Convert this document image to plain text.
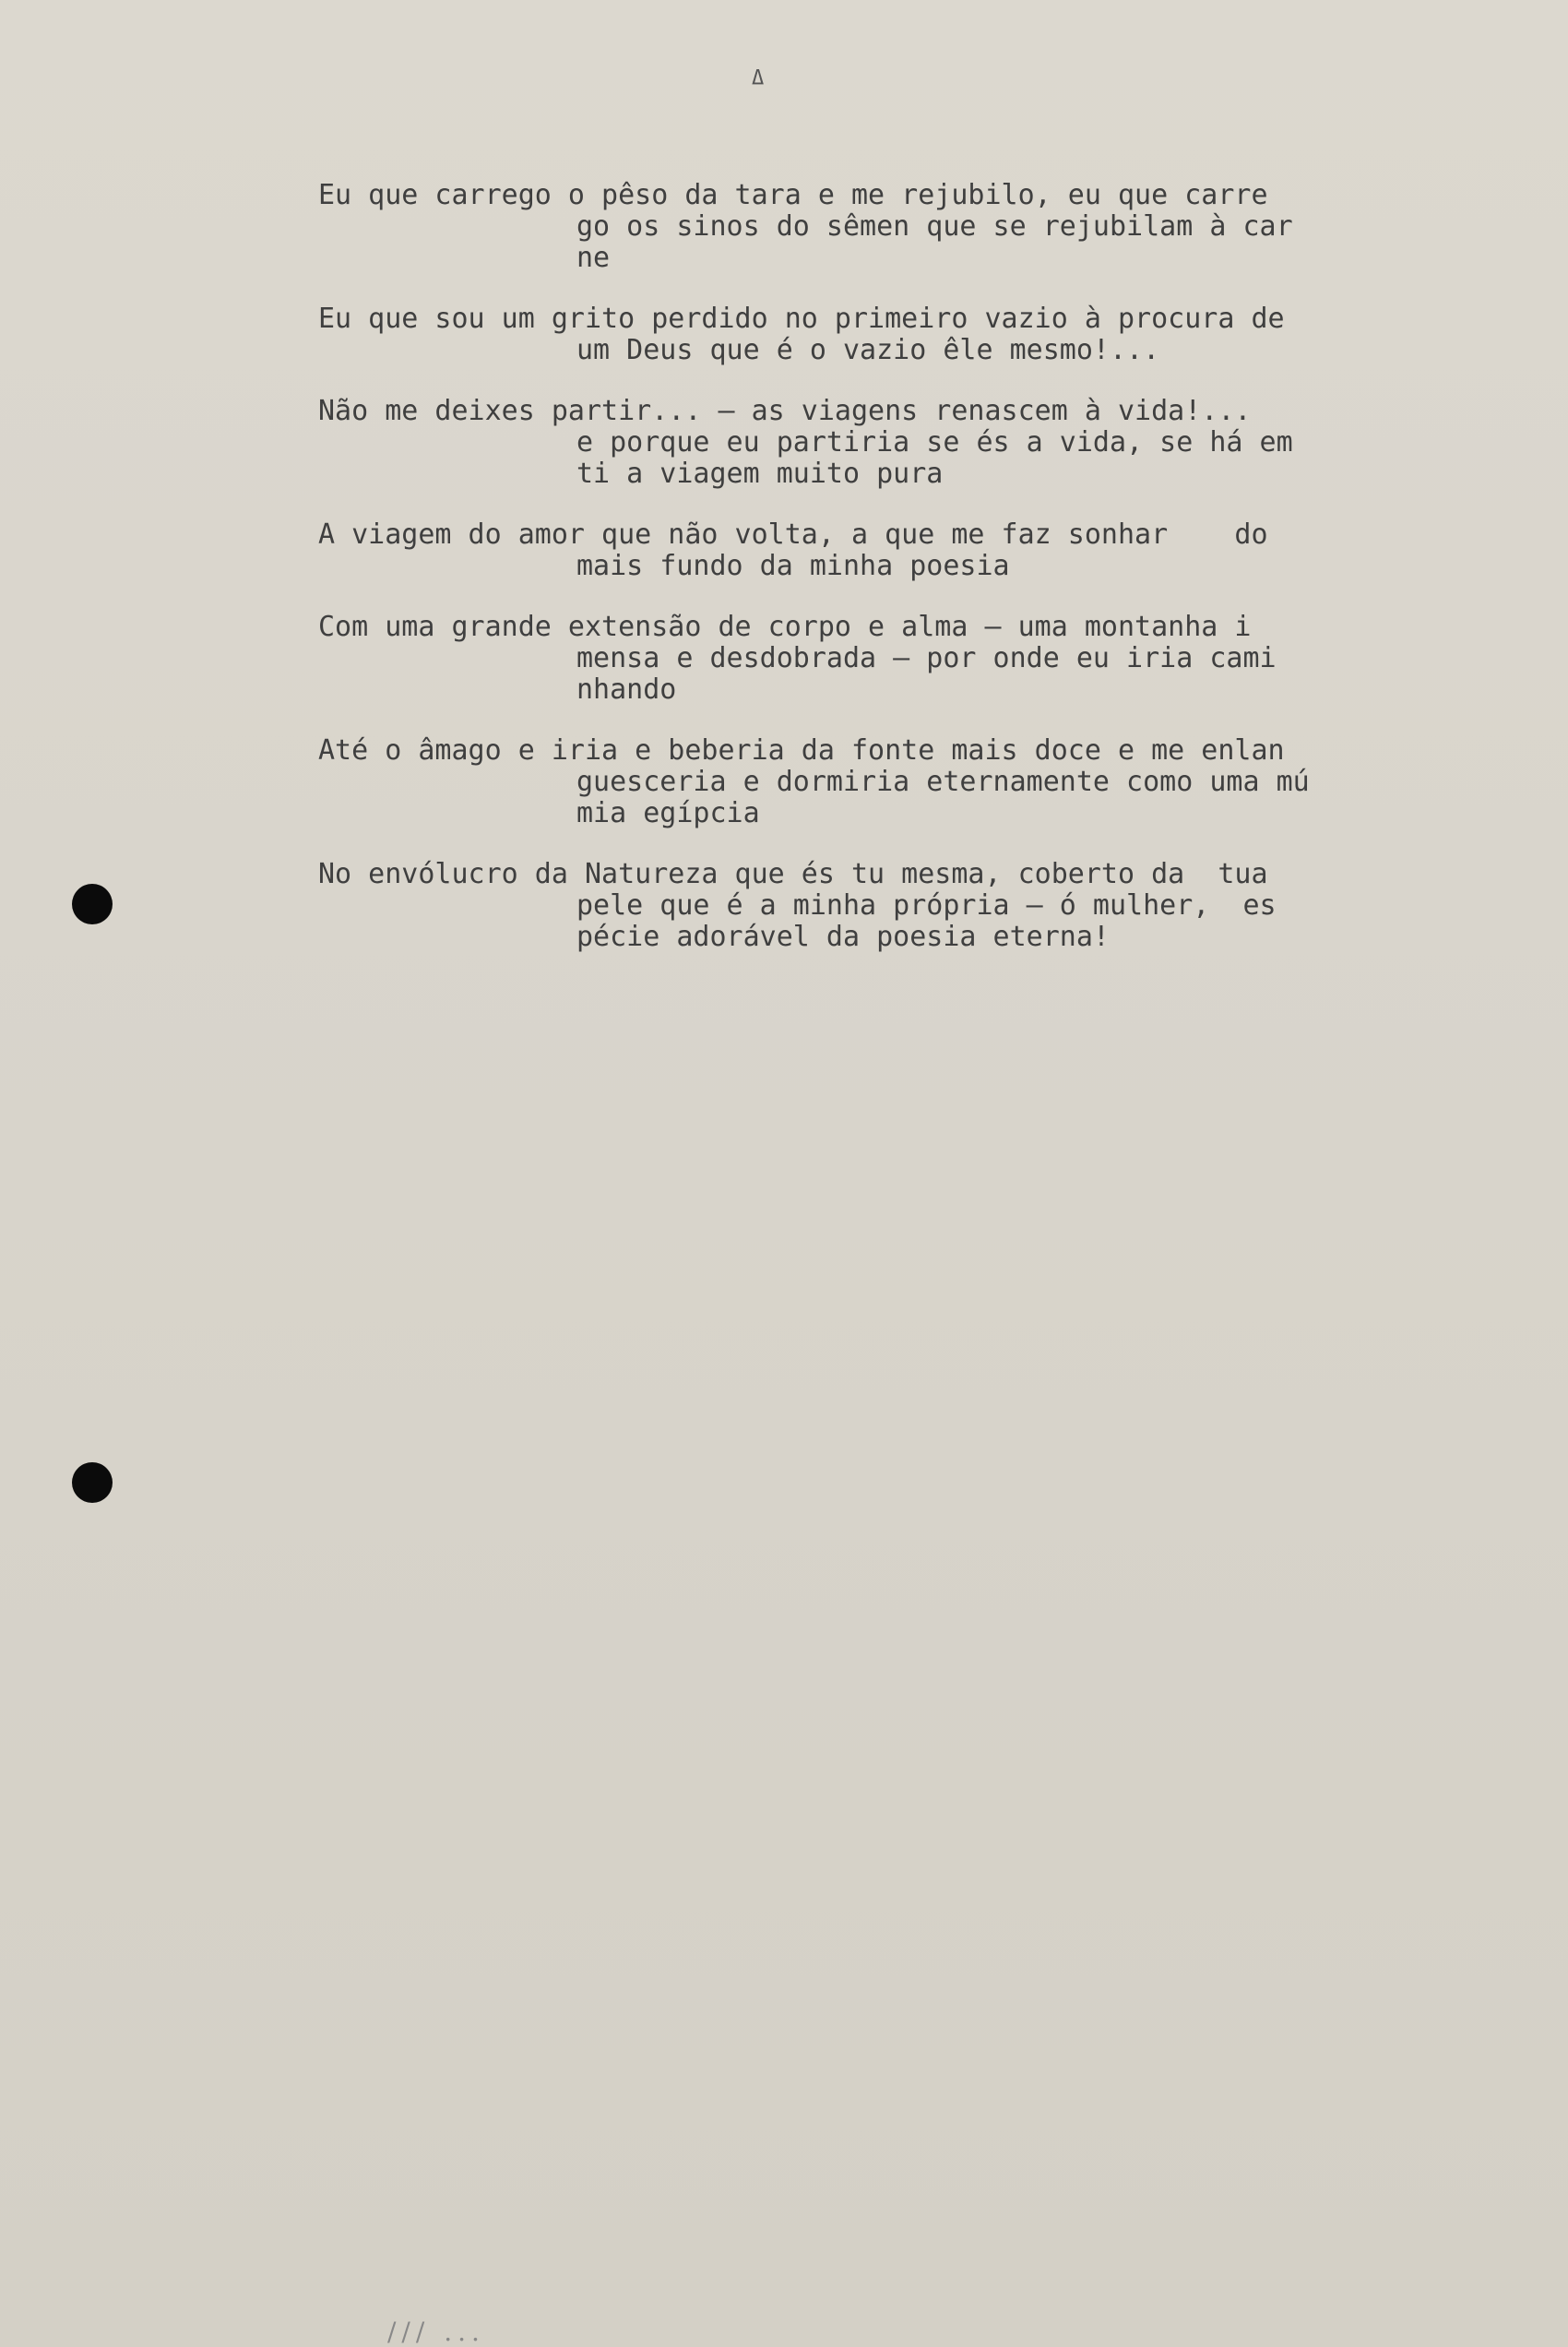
Δ
Eu que carrego o pêso da tara e me rejubilo, eu que carre
go os sinos do sêmen que se rejubilam à car
ne
Eu que sou um grito perdido no primeiro vazio à procura de
um Deus que é o vazio êle mesmo!...
Não me deixes partir... — as viagens renascem à vida!...
e porque eu partiria se és a vida, se há em
ti a viagem muito pura
A viagem do amor que não volta, a que me faz sonhar    do
mais fundo da minha poesia
Com uma grande extensão de corpo e alma — uma montanha i
mensa e desdobrada — por onde eu iria cami
nhando
Até o âmago e iria e beberia da fonte mais doce e me enlan
guesceria e dormiria eternamente como uma mú
mia egípcia
No envólucro da Natureza que és tu mesma, coberto da  tua
pele que é a minha própria — ó mulher,  es
pécie adorável da poesia eterna!
/// ...
